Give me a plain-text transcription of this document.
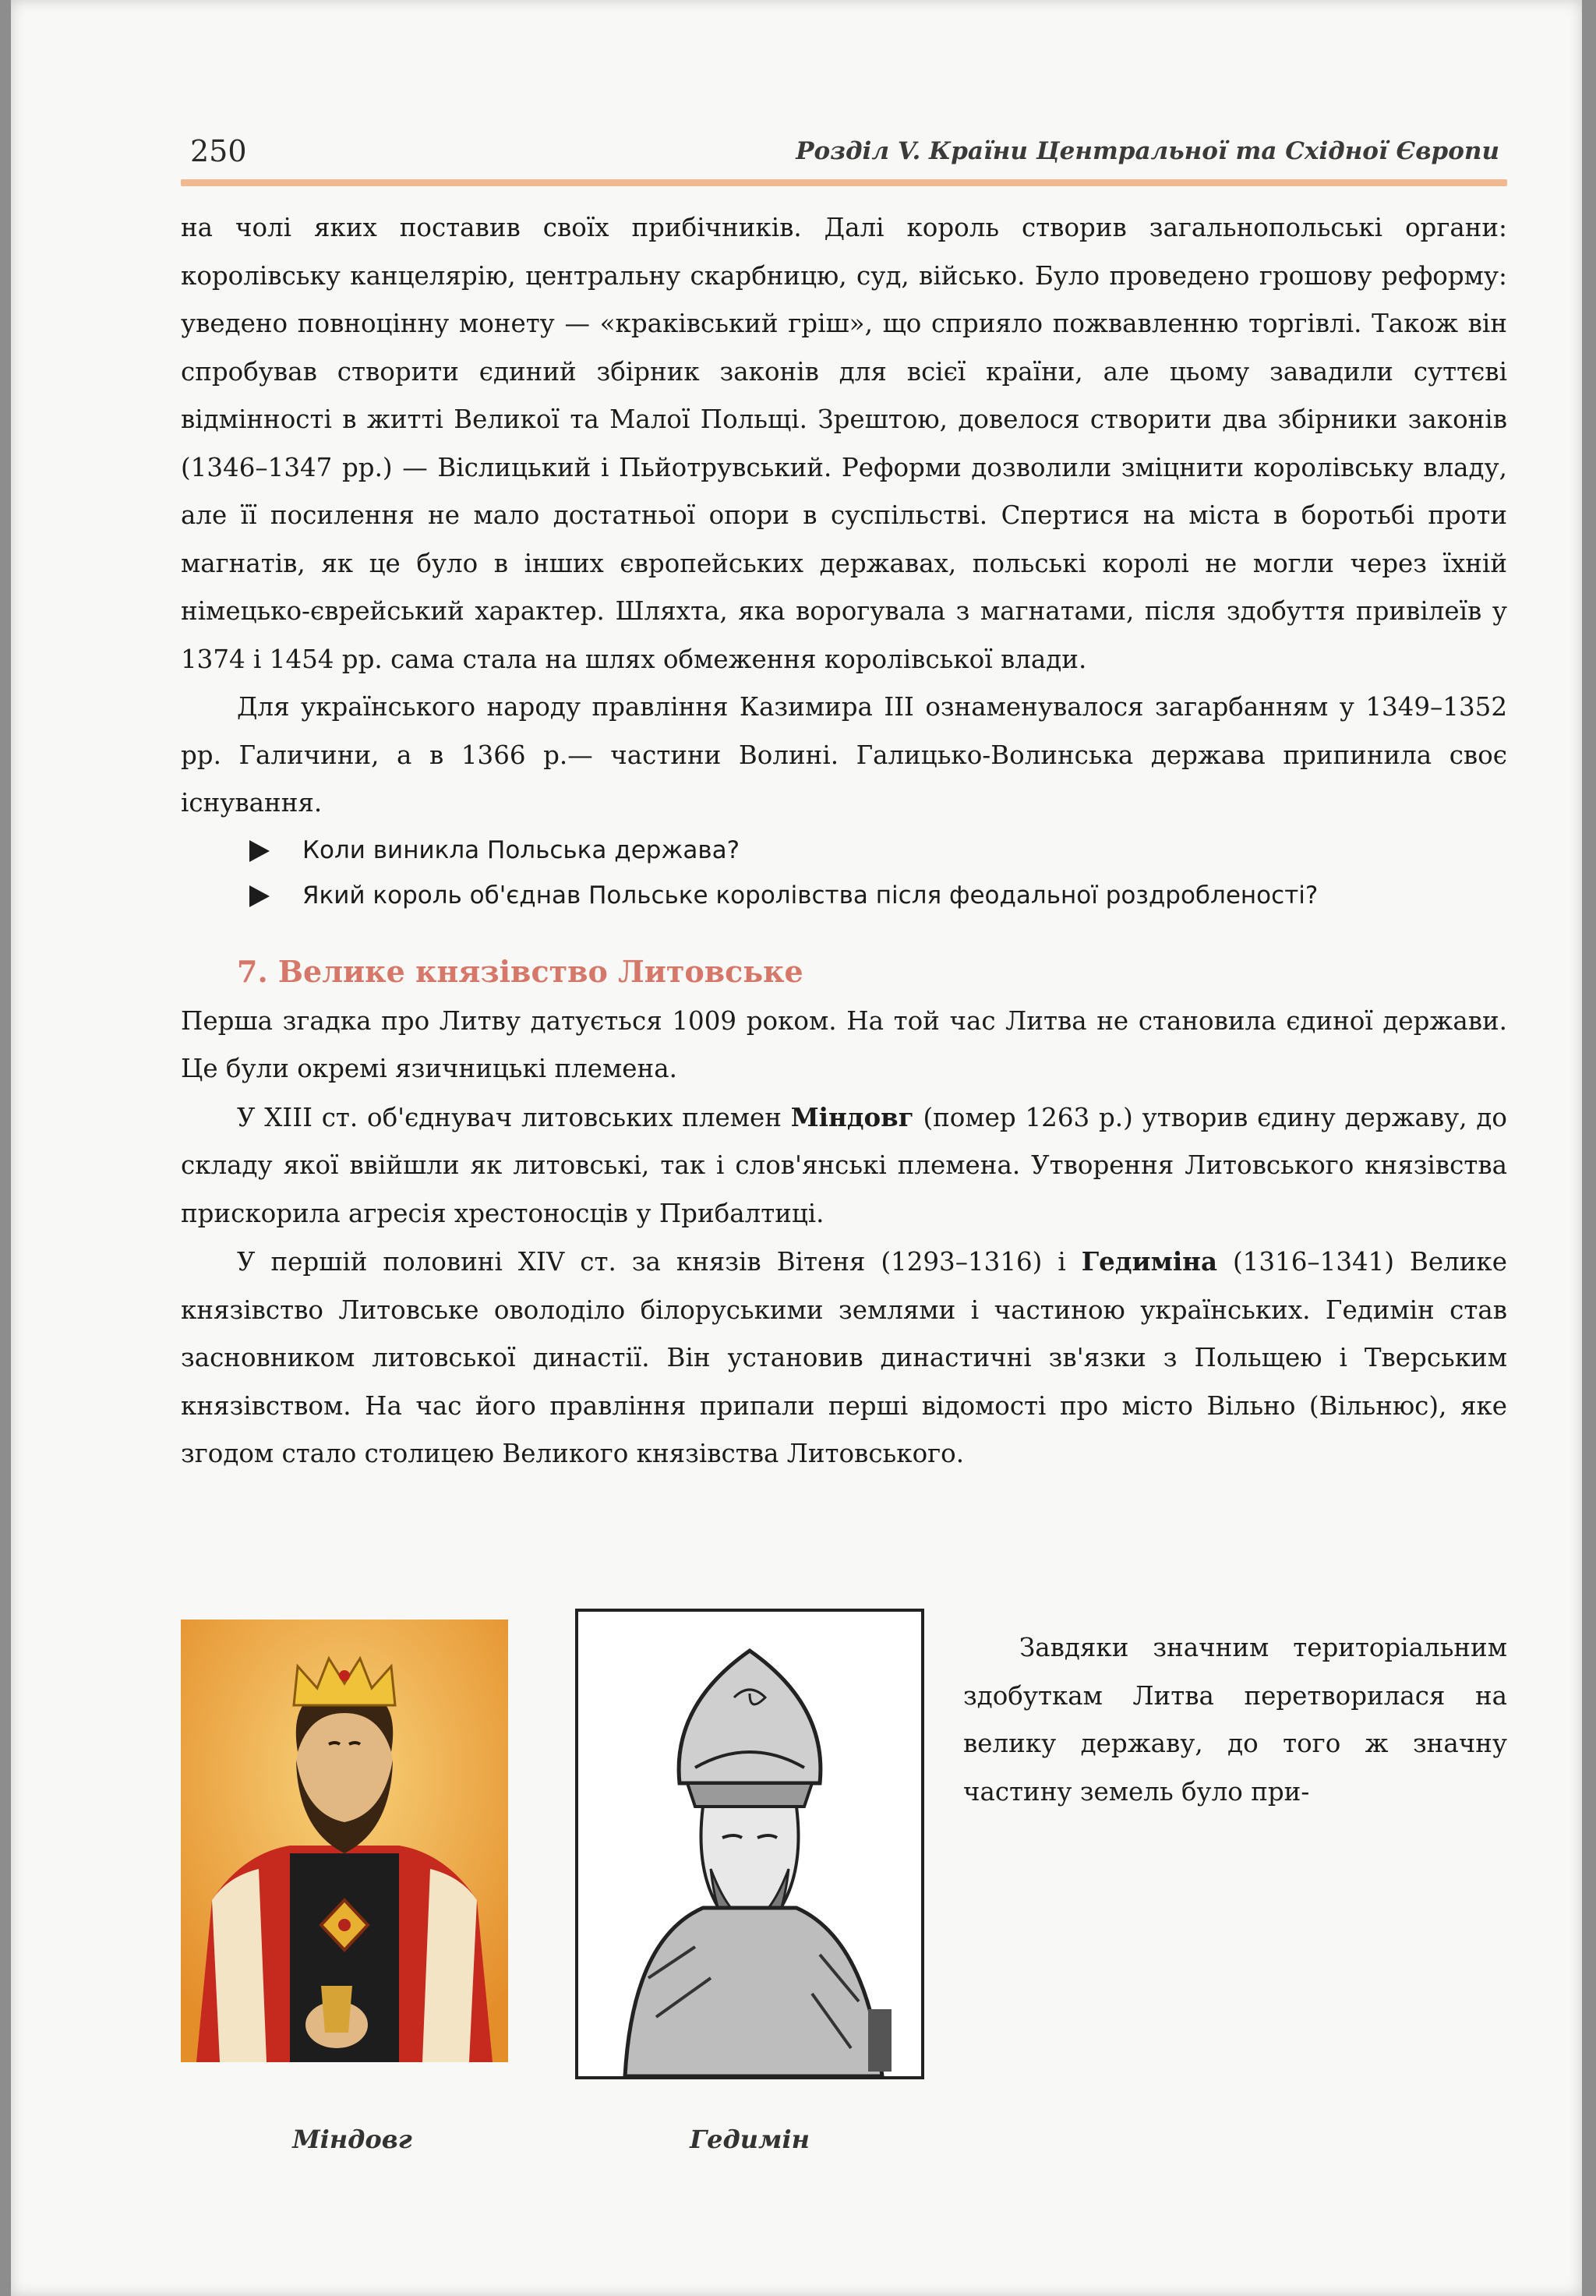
250	Розділ V. Країни Центральної та Східної Європи

на чолі яких поставив своїх прибічників. Далі король створив загальнопольські органи: королівську канцелярію, центральну скарбницю, суд, військо. Було проведено грошову реформу: уведено повноцінну монету — «краківський гріш», що сприяло пожвавленню торгівлі. Також він спробував створити єдиний збірник законів для всієї країни, але цьому завадили суттєві відмінності в житті Великої та Малої Польщі. Зрештою, довелося створити два збірники законів (1346–1347 рр.) — Віслицький і Пьйотрувський. Реформи дозволили зміцнити королівську владу, але її посилення не мало достатньої опори в суспільстві. Спертися на міста в боротьбі проти магнатів, як це було в інших європейських державах, польські королі не могли через їхній німецько-єврейський характер. Шляхта, яка ворогувала з магнатами, після здобуття привілеїв у 1374 і 1454 рр. сама стала на шлях обмеження королівської влади.

Для українського народу правління Казимира III ознаменувалося загарбанням у 1349–1352 рр. Галичини, а в 1366 р.— частини Волині. Галицько-Волинська держава припинила своє існування.

Коли виникла Польська держава?
Який король об'єднав Польське королівства після феодальної роздробленості?
7. Велике князівство Литовське

Перша згадка про Литву датується 1009 роком. На той час Литва не становила єдиної держави. Це були окремі язичницькі племена.

У XIII ст. об'єднувач литовських племен Міндовг (помер 1263 р.) утворив єдину державу, до складу якої ввійшли як литовські, так і слов'янські племена. Утворення Литовського князівства прискорила агресія хрестоносців у Прибалтиці.

У першій половині XIV ст. за князів Вітеня (1293–1316) і Гедиміна (1316–1341) Велике князівство Литовське оволоділо білоруськими землями і частиною українських. Гедимін став засновником литовської династії. Він установив династичні зв'язки з Польщею і Тверським князівством. На час його правління припали перші відомості про місто Вільно (Вільнюс), яке згодом стало столицею Великого князівства Литовського.

Міндовг	Гедимін

Завдяки значним територіальним здобуткам Литва перетворилася на велику державу, до того ж значну частину земель було при-
